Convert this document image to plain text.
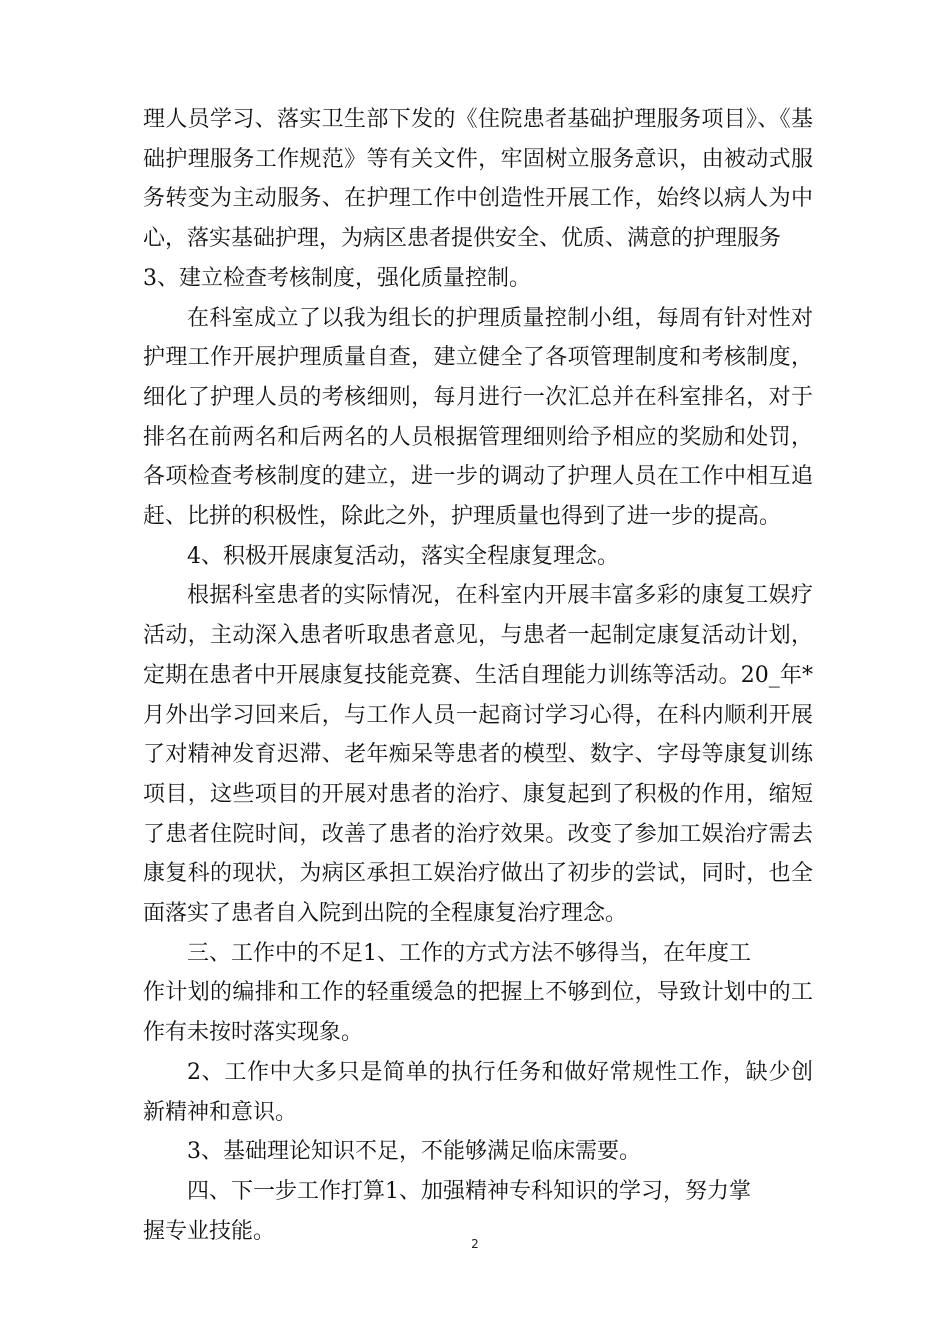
理人员学习、落实卫生部下发的《住院患者基础护理服务项目》、《基础护理服务工作规范》等有关文件，牢固树立服务意识，由被动式服务转变为主动服务、在护理工作中创造性开展工作，始终以病人为中心，落实基础护理，为病区患者提供安全、优质、满意的护理服务

3、建立检查考核制度，强化质量控制。

在科室成立了以我为组长的护理质量控制小组，每周有针对性对护理工作开展护理质量自查，建立健全了各项管理制度和考核制度，细化了护理人员的考核细则，每月进行一次汇总并在科室排名，对于排名在前两名和后两名的人员根据管理细则给予相应的奖励和处罚，各项检查考核制度的建立，进一步的调动了护理人员在工作中相互追赶、比拼的积极性，除此之外，护理质量也得到了进一步的提高。

4、积极开展康复活动，落实全程康复理念。

根据科室患者的实际情况，在科室内开展丰富多彩的康复工娱疗活动，主动深入患者听取患者意见，与患者一起制定康复活动计划，定期在患者中开展康复技能竞赛、生活自理能力训练等活动。20_年*月外出学习回来后，与工作人员一起商讨学习心得，在科内顺利开展了对精神发育迟滞、老年痴呆等患者的模型、数字、字母等康复训练项目，这些项目的开展对患者的治疗、康复起到了积极的作用，缩短了患者住院时间，改善了患者的治疗效果。改变了参加工娱治疗需去康复科的现状，为病区承担工娱治疗做出了初步的尝试，同时，也全面落实了患者自入院到出院的全程康复治疗理念。

三、工作中的不足1、工作的方式方法不够得当，在年度工

作计划的编排和工作的轻重缓急的把握上不够到位，导致计划中的工作有未按时落实现象。

2、工作中大多只是简单的执行任务和做好常规性工作，缺少创新精神和意识。

3、基础理论知识不足，不能够满足临床需要。

四、下一步工作打算1、加强精神专科知识的学习，努力掌

握专业技能。

2
